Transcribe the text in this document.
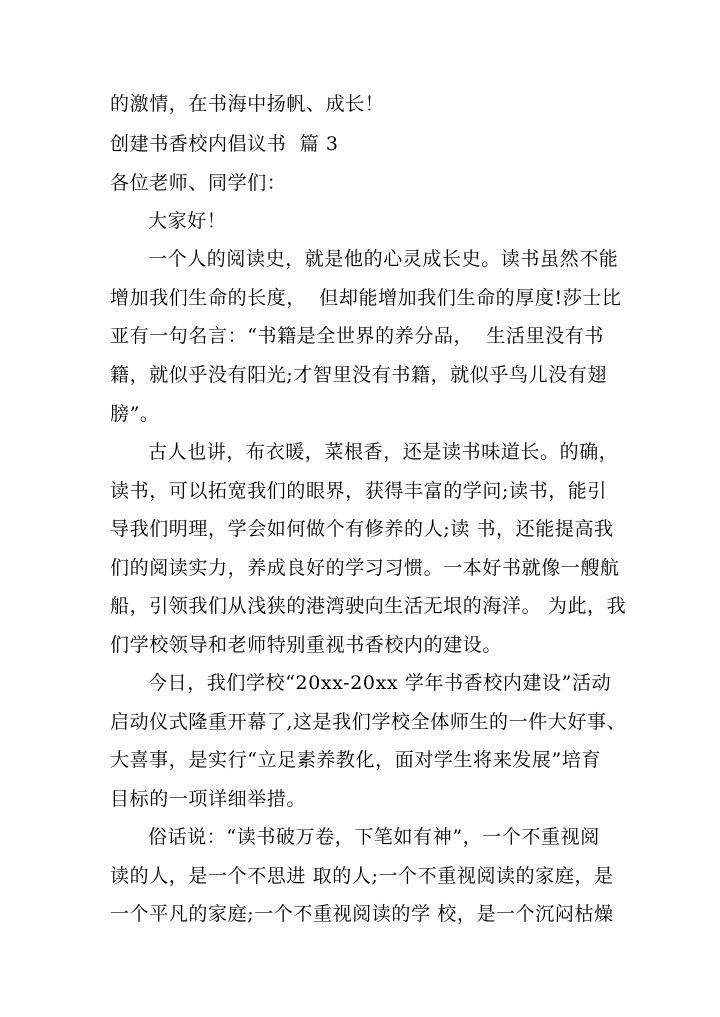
的激情，在书海中扬帆、成长！
创建书香校内倡议书  篇 3
各位老师、同学们：
大家好！
一个人的阅读史，就是他的心灵成长史。读书虽然不能
增加我们生命的长度，  但却能增加我们生命的厚度!莎士比
亚有一句名言：“书籍是全世界的养分品，  生活里没有书
籍，就似乎没有阳光;才智里没有书籍，就似乎鸟儿没有翅
膀”。
古人也讲，布衣暖，菜根香，还是读书味道长。的确，
读书，可以拓宽我们的眼界，获得丰富的学问;读书，能引
导我们明理，学会如何做个有修养的人;读 书，还能提高我
们的阅读实力，养成良好的学习习惯。一本好书就像一艘航
船，引领我们从浅狭的港湾驶向生活无垠的海洋。 为此，我
们学校领导和老师特别重视书香校内的建设。
今日，我们学校“20xx-20xx 学年书香校内建设”活动
启动仪式隆重开幕了,这是我们学校全体师生的一件大好事、
大喜事，是实行“立足素养教化，面对学生将来发展”培育
目标的一项详细举措。
俗话说：“读书破万卷，下笔如有神”，一个不重视阅
读的人，是一个不思进 取的人;一个不重视阅读的家庭，是
一个平凡的家庭;一个不重视阅读的学 校，是一个沉闷枯燥
